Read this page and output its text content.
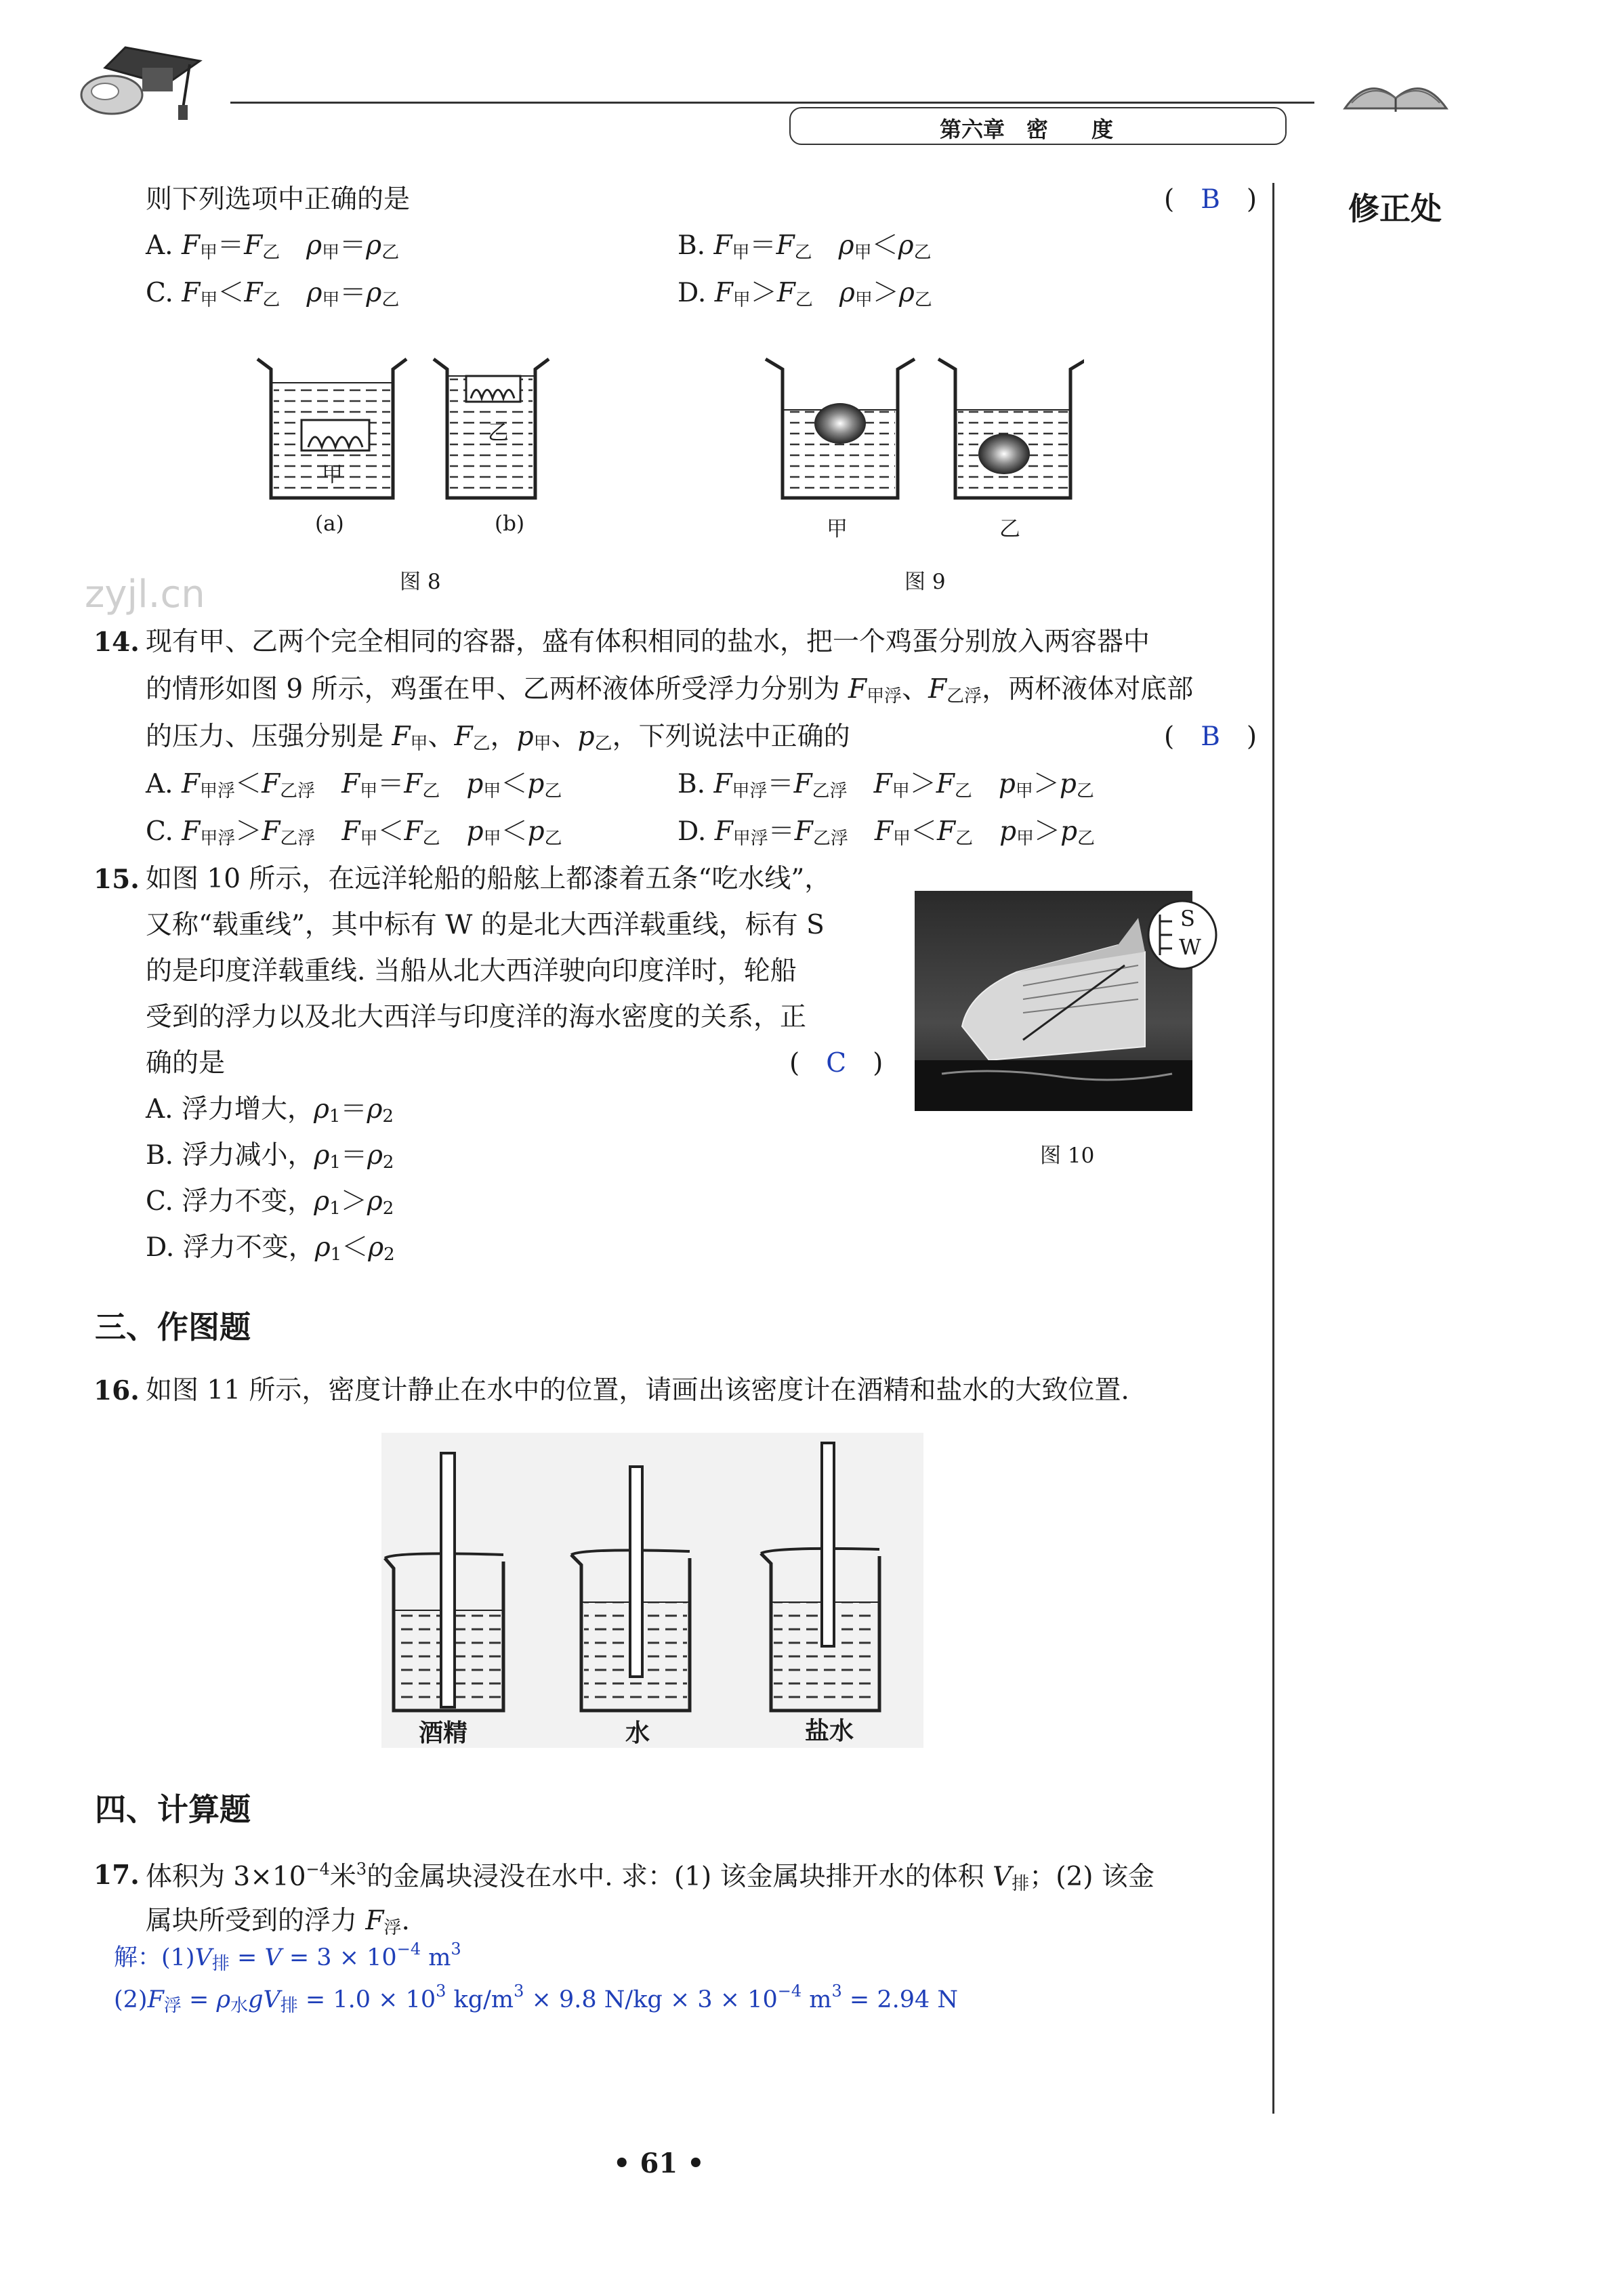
第六章　密　　度
修正处
则下列选项中正确的是	(　B　)
A. $F_甲=F_乙$　 $\rho_甲=\rho_乙$	B. $F_甲=F_乙$　 $\rho_甲<\rho_乙$
C. $F_甲<F_乙$　 $\rho_甲=\rho_乙$	D. $F_甲>F_乙$　 $\rho_甲>\rho_乙$
甲
乙
(a)	(b)
图 8
甲	乙
图 9
zyjl.cn
14. 现有甲、乙两个完全相同的容器，盛有体积相同的盐水，把一个鸡蛋分别放入两容器中
的情形如图 9 所示，鸡蛋在甲、乙两杯液体所受浮力分别为 $F_{甲浮}$、$F_{乙浮}$，两杯液体对底部
的压力、压强分别是 $F_甲$、$F_乙$，$p_甲$、$p_乙$，下列说法中正确的	(　B　)
A. $F_{甲浮}<F_{乙浮}$　 $F_甲=F_乙$　 $p_甲<p_乙$	B. $F_{甲浮}=F_{乙浮}$　 $F_甲>F_乙$　 $p_甲>p_乙$
C. $F_{甲浮}>F_{乙浮}$　 $F_甲<F_乙$　 $p_甲<p_乙$	D. $F_{甲浮}=F_{乙浮}$　 $F_甲<F_乙$　 $p_甲>p_乙$
15. 如图 10 所示，在远洋轮船的船舷上都漆着五条“吃水线”，
又称“载重线”，其中标有 W 的是北大西洋载重线，标有 S
的是印度洋载重线. 当船从北大西洋驶向印度洋时，轮船
受到的浮力以及北大西洋与印度洋的海水密度的关系，正
确的是	(　C　)
A. 浮力增大，$\rho_1=\rho_2$
B. 浮力减小，$\rho_1=\rho_2$
C. 浮力不变，$\rho_1>\rho_2$
D. 浮力不变，$\rho_1<\rho_2$
S
W
图 10
三、作图题
16. 如图 11 所示，密度计静止在水中的位置，请画出该密度计在酒精和盐水的大致位置.
酒精	水	盐水
四、计算题
17. 体积为 $3\times 10^{-4}$米$^3$的金属块浸没在水中. 求：(1) 该金属块排开水的体积 $V_排$；(2) 该金
属块所受到的浮力 $F_浮$.
解：$(1)V_排 = V = 3 \times 10^{-4}$ $m^3$
$(2)F_浮 = \rho_水gV_排 = 1.0 \times 10^3$ $kg/m^3 \times 9.8$ $N/kg \times 3 \times 10^{-4}$ $m^3 = 2.94$ N
• 61 •
